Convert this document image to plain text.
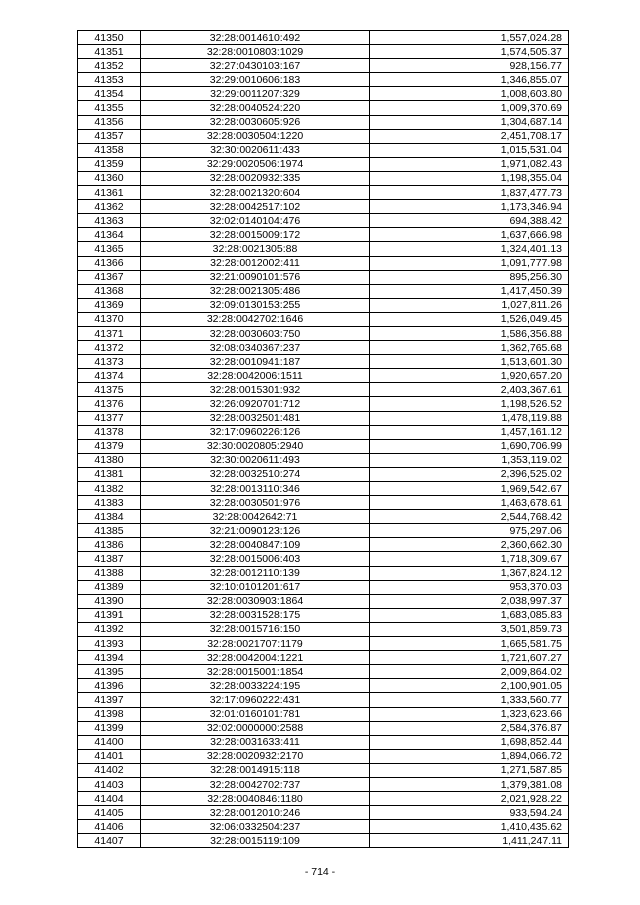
41350	32:28:0014610:492	1,557,024.28
41351	32:28:0010803:1029	1,574,505.37
41352	32:27:0430103:167	928,156.77
41353	32:29:0010606:183	1,346,855.07
41354	32:29:0011207:329	1,008,603.80
41355	32:28:0040524:220	1,009,370.69
41356	32:28:0030605:926	1,304,687.14
41357	32:28:0030504:1220	2,451,708.17
41358	32:30:0020611:433	1,015,531.04
41359	32:29:0020506:1974	1,971,082.43
41360	32:28:0020932:335	1,198,355.04
41361	32:28:0021320:604	1,837,477.73
41362	32:28:0042517:102	1,173,346.94
41363	32:02:0140104:476	694,388.42
41364	32:28:0015009:172	1,637,666.98
41365	32:28:0021305:88	1,324,401.13
41366	32:28:0012002:411	1,091,777.98
41367	32:21:0090101:576	895,256.30
41368	32:28:0021305:486	1,417,450.39
41369	32:09:0130153:255	1,027,811.26
41370	32:28:0042702:1646	1,526,049.45
41371	32:28:0030603:750	1,586,356.88
41372	32:08:0340367:237	1,362,765.68
41373	32:28:0010941:187	1,513,601.30
41374	32:28:0042006:1511	1,920,657.20
41375	32:28:0015301:932	2,403,367.61
41376	32:26:0920701:712	1,198,526.52
41377	32:28:0032501:481	1,478,119.88
41378	32:17:0960226:126	1,457,161.12
41379	32:30:0020805:2940	1,690,706.99
41380	32:30:0020611:493	1,353,119.02
41381	32:28:0032510:274	2,396,525.02
41382	32:28:0013110:346	1,969,542.67
41383	32:28:0030501:976	1,463,678.61
41384	32:28:0042642:71	2,544,768.42
41385	32:21:0090123:126	975,297.06
41386	32:28:0040847:109	2,360,662.30
41387	32:28:0015006:403	1,718,309.67
41388	32:28:0012110:139	1,367,824.12
41389	32:10:0101201:617	953,370.03
41390	32:28:0030903:1864	2,038,997.37
41391	32:28:0031528:175	1,683,085.83
41392	32:28:0015716:150	3,501,859.73
41393	32:28:0021707:1179	1,665,581.75
41394	32:28:0042004:1221	1,721,607.27
41395	32:28:0015001:1854	2,009,864.02
41396	32:28:0033224:195	2,100,901.05
41397	32:17:0960222:431	1,333,560.77
41398	32:01:0160101:781	1,323,623.66
41399	32:02:0000000:2588	2,584,376.87
41400	32:28:0031633:411	1,698,852.44
41401	32:28:0020932:2170	1,894,066.72
41402	32:28:0014915:118	1,271,587.85
41403	32:28:0042702:737	1,379,381.08
41404	32:28:0040846:1180	2,021,928.22
41405	32:28:0012010:246	933,594.24
41406	32:06:0332504:237	1,410,435.62
41407	32:28:0015119:109	1,411,247.11
- 714 -
